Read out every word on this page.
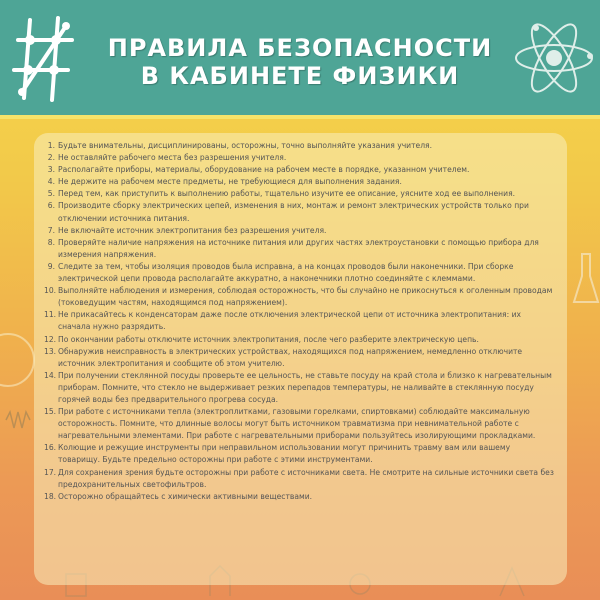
ПРАВИЛА БЕЗОПАСНОСТИ
В КАБИНЕТЕ ФИЗИКИ
1. Будьте внимательны, дисциплинированы, осторожны, точно выполняйте указания учителя.
2. Не оставляйте рабочего места без разрешения учителя.
3. Располагайте приборы, материалы, оборудование на рабочем месте в порядке, указанном учителем.
4. Не держите на рабочем месте предметы, не требующиеся для выполнения задания.
5. Перед тем, как приступить к выполнению работы, тщательно изучите ее описание, уясните ход ее выполнения.
6. Производите сборку электрических цепей, изменения в них, монтаж и ремонт электрических устройств только при отключении источника питания.
7. Не включайте источник электропитания без разрешения учителя.
8. Проверяйте наличие напряжения на источнике питания или других частях электроустановки с помощью прибора для измерения напряжения.
9. Следите за тем, чтобы изоляция проводов была исправна, а на концах проводов были наконечники. При сборке электрической цепи провода располагайте аккуратно, а наконечники плотно соединяйте с клеммами.
10. Выполняйте наблюдения и измерения, соблюдая осторожность, что бы случайно не прикоснуться к оголенным проводам (токоведущим частям, находящимся под напряжением).
11. Не прикасайтесь к конденсаторам даже после отключения электрической цепи от источника электропитания: их сначала нужно разрядить.
12. По окончании работы отключите источник электропитания, после чего разберите электрическую цепь.
13. Обнаружив неисправность в электрических устройствах, находящихся под напряжением, немедленно отключите источник электропитания и сообщите об этом учителю.
14. При получении стеклянной посуды проверьте ее цельность, не ставьте посуду на край стола и близко к нагревательным приборам. Помните, что стекло не выдерживает резких перепадов температуры, не наливайте в стеклянную посуду горячей воды без предварительного прогрева сосуда.
15. При работе с источниками тепла (электроплитками, газовыми горелками, спиртовками) соблюдайте максимальную осторожность. Помните, что длинные волосы могут быть источником травматизма при невнимательной работе с нагревательными элементами. При работе с нагревательными приборами пользуйтесь изолирующими прокладками.
16. Колющие и режущие инструменты при неправильном использовании могут причинить травму вам или вашему товарищу. Будьте предельно осторожны при работе с этими инструментами.
17. Для сохранения зрения будьте осторожны при работе с источниками света. Не смотрите на сильные источники света без предохранительных светофильтров.
18. Осторожно обращайтесь с химически активными веществами.
